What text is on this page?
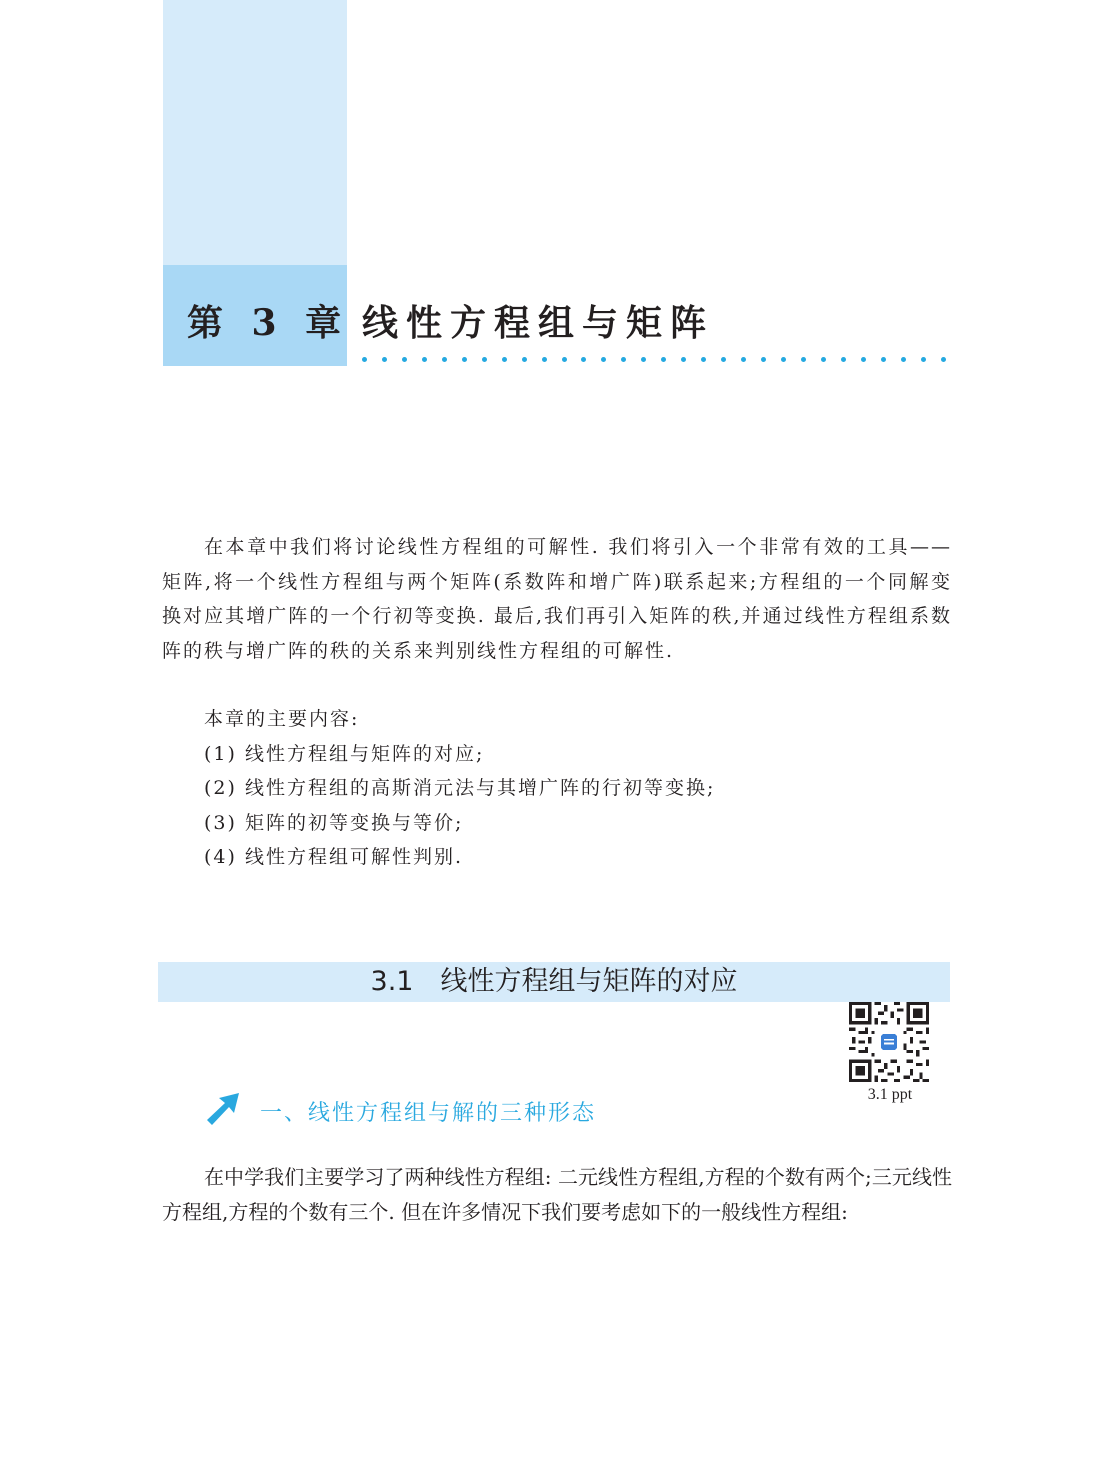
第 3 章 线性方程组与矩阵

在本章中我们将讨论线性方程组的可解性. 我们将引入一个非常有效的工具——矩阵,将一个线性方程组与两个矩阵(系数阵和增广阵)联系起来;方程组的一个同解变换对应其增广阵的一个行初等变换. 最后,我们再引入矩阵的秩,并通过线性方程组系数阵的秩与增广阵的秩的关系来判别线性方程组的可解性.

本章的主要内容:
(1) 线性方程组与矩阵的对应;
(2) 线性方程组的高斯消元法与其增广阵的行初等变换;
(3) 矩阵的初等变换与等价;
(4) 线性方程组可解性判别.
3.1 线性方程组与矩阵的对应
3.1 ppt
一、线性方程组与解的三种形态

在中学我们主要学习了两种线性方程组: 二元线性方程组,方程的个数有两个;三元线性方程组,方程的个数有三个. 但在许多情况下我们要考虑如下的一般线性方程组:
